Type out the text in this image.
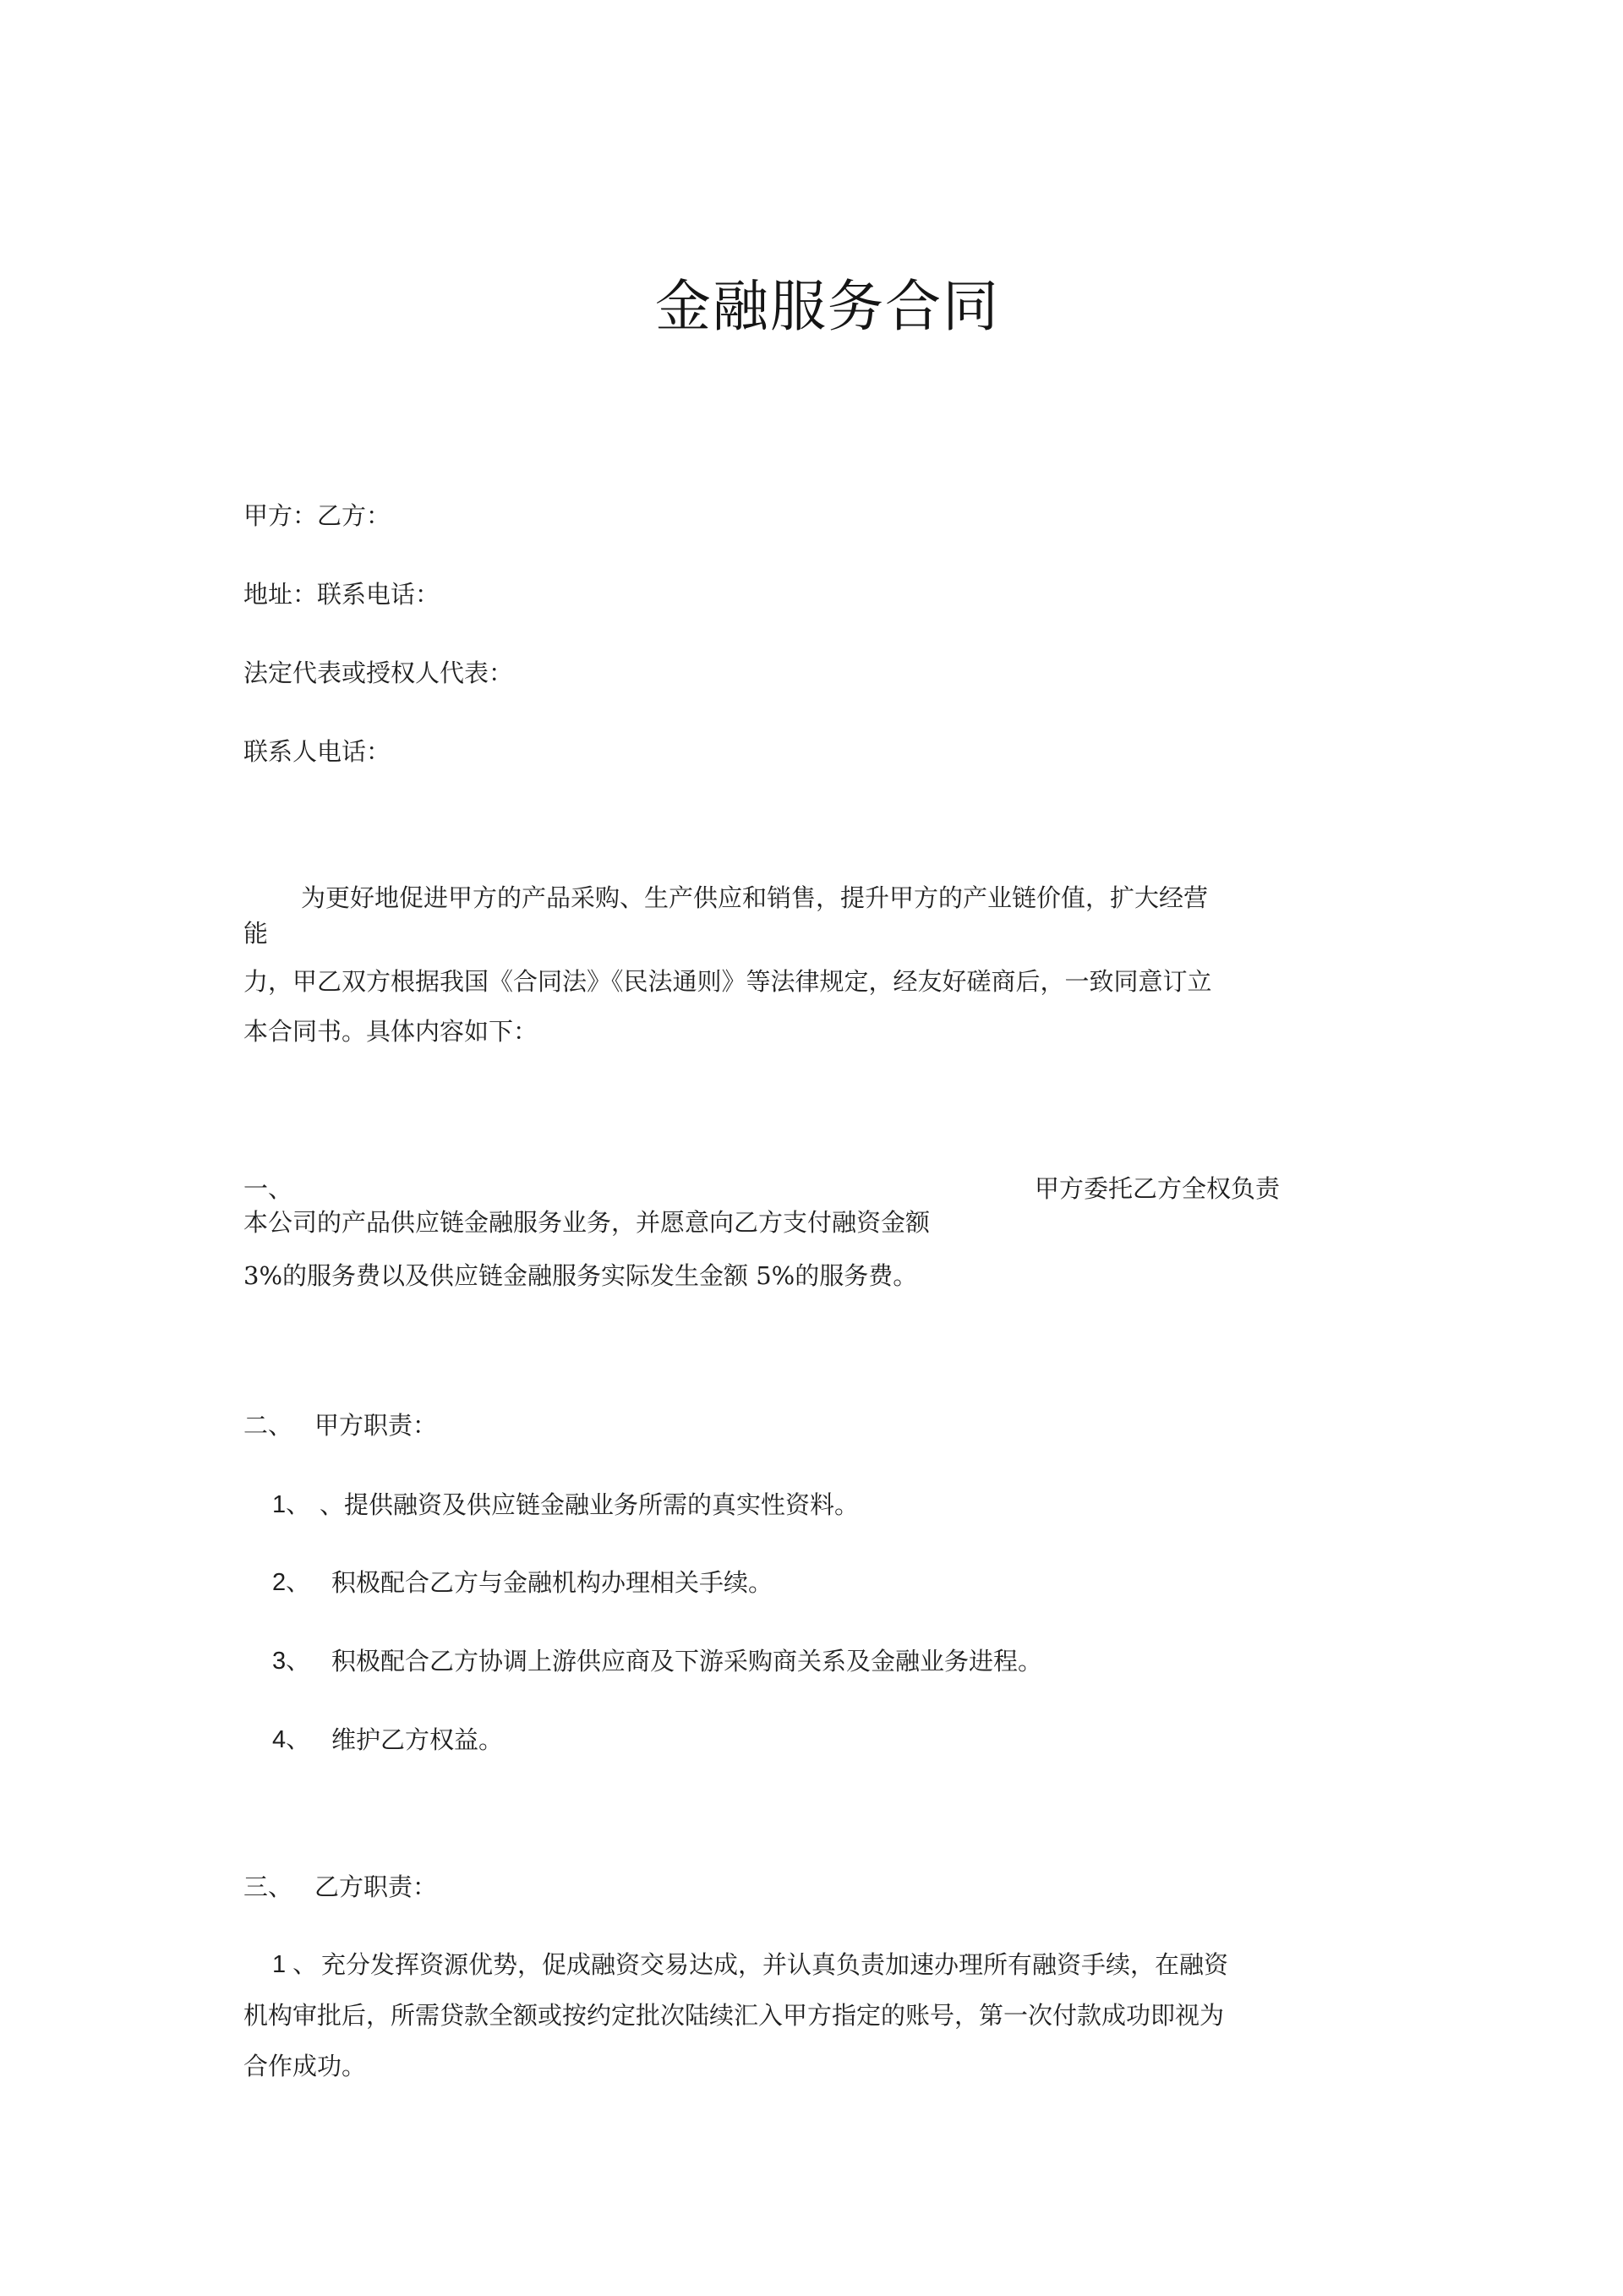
金融服务合同
甲方：乙方：
地址：联系电话：
法定代表或授权人代表：
联系人电话：
为更好地促进甲方的产品采购、生产供应和销售，提升甲方的产业链价值，扩大经营
能
力，甲乙双方根据我国《合同法》《民法通则》等法律规定，经友好磋商后，一致同意订立
本合同书。具体内容如下：
一、	甲方委托乙方全权负责
本公司的产品供应链金融服务业务，并愿意向乙方支付融资金额
3%的服务费以及供应链金融服务实际发生金额 5%的服务费。
二、 甲方职责：
1、 、提供融资及供应链金融业务所需的真实性资料。
2、 积极配合乙方与金融机构办理相关手续。
3、 积极配合乙方协调上游供应商及下游采购商关系及金融业务进程。
4、 维护乙方权益。
三、 乙方职责：
1 、 充分发挥资源优势，促成融资交易达成，并认真负责加速办理所有融资手续，在融资
机构审批后，所需贷款全额或按约定批次陆续汇入甲方指定的账号，第一次付款成功即视为
合作成功。
